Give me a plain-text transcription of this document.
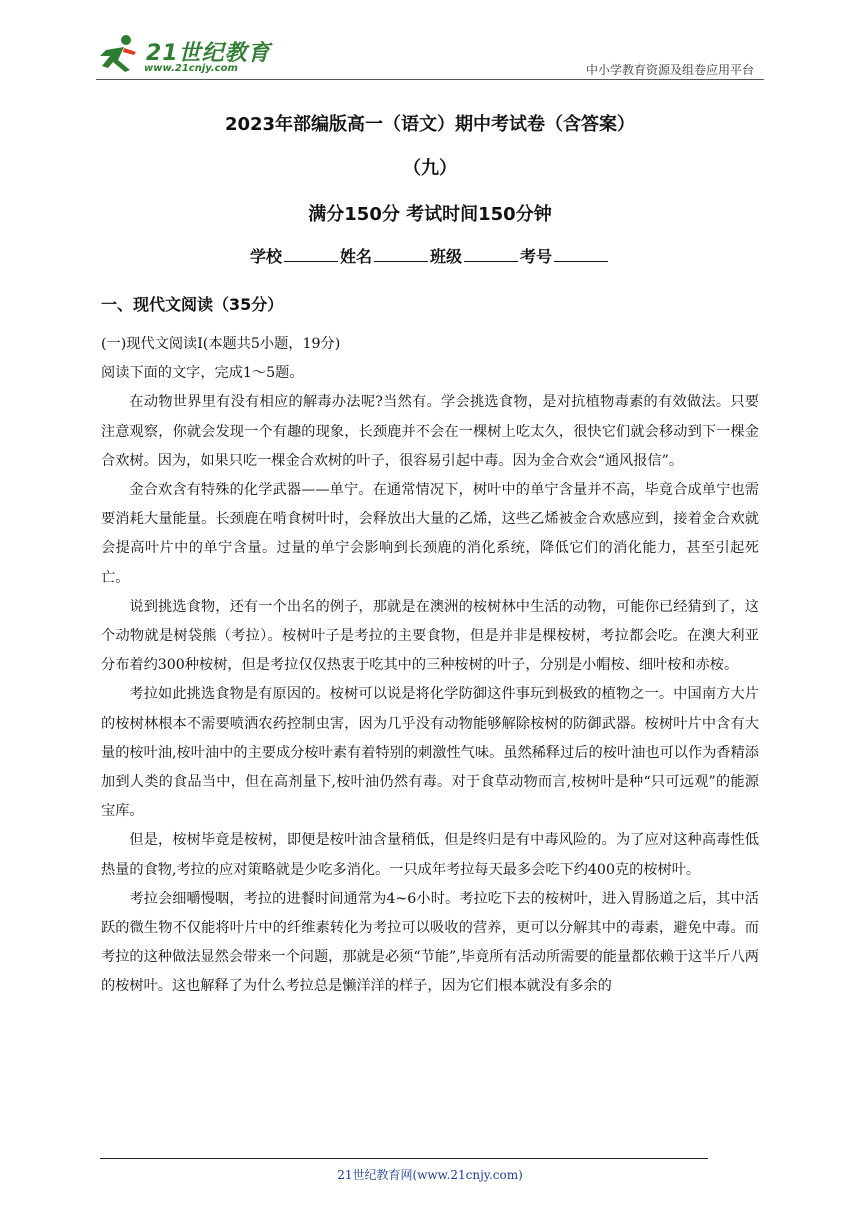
21世纪教育
www.21cnjy.com	中小学教育资源及组卷应用平台
2023年部编版高一（语文）期中考试卷（含答案）
（九）
满分150分 考试时间150分钟
学校	姓名	班级	考号
一、现代文阅读（35分）
(一)现代文阅读Ⅰ(本题共5小题，19分)
阅读下面的文字，完成1～5题。

在动物世界里有没有相应的解毒办法呢?当然有。学会挑选食物，是对抗植物毒素的有效做法。只要注意观察，你就会发现一个有趣的现象，长颈鹿并不会在一棵树上吃太久，很快它们就会移动到下一棵金合欢树。因为，如果只吃一棵金合欢树的叶子，很容易引起中毒。因为金合欢会“通风报信”。

金合欢含有特殊的化学武器——单宁。在通常情况下，树叶中的单宁含量并不高，毕竟合成单宁也需要消耗大量能量。长颈鹿在啃食树叶时，会释放出大量的乙烯，这些乙烯被金合欢感应到，接着金合欢就会提高叶片中的单宁含量。过量的单宁会影响到长颈鹿的消化系统，降低它们的消化能力，甚至引起死亡。

说到挑选食物，还有一个出名的例子，那就是在澳洲的桉树林中生活的动物，可能你已经猜到了，这个动物就是树袋熊（考拉）。桉树叶子是考拉的主要食物，但是并非是棵桉树，考拉都会吃。在澳大利亚分布着约300种桉树，但是考拉仅仅热衷于吃其中的三种桉树的叶子，分别是小帽桉、细叶桉和赤桉。

考拉如此挑选食物是有原因的。桉树可以说是将化学防御这件事玩到极致的植物之一。中国南方大片的桉树林根本不需要喷洒农药控制虫害，因为几乎没有动物能够解除桉树的防御武器。桉树叶片中含有大量的桉叶油,桉叶油中的主要成分桉叶素有着特别的刺激性气味。虽然稀释过后的桉叶油也可以作为香精添加到人类的食品当中，但在高剂量下,桉叶油仍然有毒。对于食草动物而言,桉树叶是种“只可远观”的能源宝库。

但是，桉树毕竟是桉树，即便是桉叶油含量稍低，但是终归是有中毒风险的。为了应对这种高毒性低热量的食物,考拉的应对策略就是少吃多消化。一只成年考拉每天最多会吃下约400克的桉树叶。

考拉会细嚼慢咽，考拉的进餐时间通常为4~6小时。考拉吃下去的桉树叶，进入胃肠道之后，其中活跃的微生物不仅能将叶片中的纤维素转化为考拉可以吸收的营养，更可以分解其中的毒素，避免中毒。而考拉的这种做法显然会带来一个问题，那就是必须“节能”,毕竟所有活动所需要的能量都依赖于这半斤八两的桉树叶。这也解释了为什么考拉总是懒洋洋的样子，因为它们根本就没有多余的

21世纪教育网(www.21cnjy.com)
